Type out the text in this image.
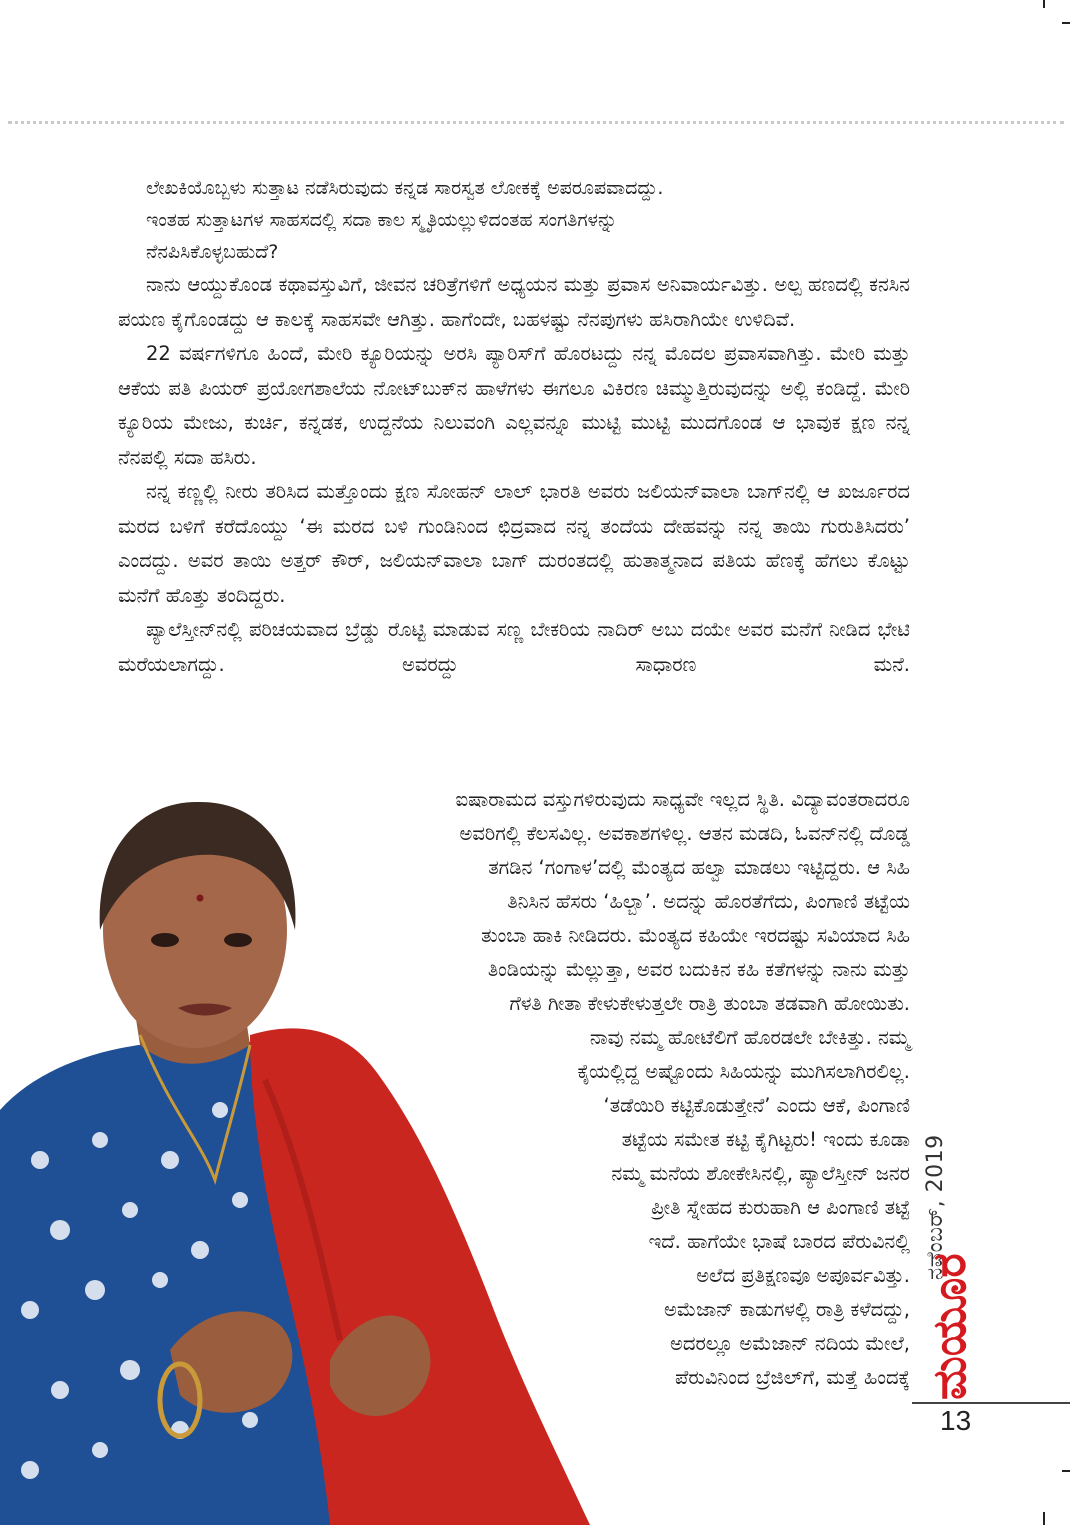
ಲೇಖಕಿಯೊಬ್ಬಳು ಸುತ್ತಾಟ ನಡೆಸಿರುವುದು ಕನ್ನಡ ಸಾರಸ್ವತ ಲೋಕಕ್ಕೆ ಅಪರೂಪವಾದದ್ದು.

ಇಂತಹ ಸುತ್ತಾಟಗಳ ಸಾಹಸದಲ್ಲಿ ಸದಾ ಕಾಲ ಸ್ಮೃತಿಯಲ್ಲುಳಿದಂತಹ ಸಂಗತಿಗಳನ್ನು

ನೆನಪಿಸಿಕೊಳ್ಳಬಹುದೆ?

ನಾನು ಆಯ್ದುಕೊಂಡ ಕಥಾವಸ್ತುವಿಗೆ, ಜೀವನ ಚರಿತ್ರೆಗಳಿಗೆ ಅಧ್ಯಯನ ಮತ್ತು ಪ್ರವಾಸ ಅನಿವಾರ್ಯವಿತ್ತು. ಅಲ್ಪ ಹಣದಲ್ಲಿ ಕನಸಿನ ಪಯಣ ಕೈಗೊಂಡದ್ದು ಆ ಕಾಲಕ್ಕೆ ಸಾಹಸವೇ ಆಗಿತ್ತು. ಹಾಗೆಂದೇ, ಬಹಳಷ್ಟು ನೆನಪುಗಳು ಹಸಿರಾಗಿಯೇ ಉಳಿದಿವೆ.

22 ವರ್ಷಗಳಿಗೂ ಹಿಂದೆ, ಮೇರಿ ಕ್ಯೂರಿಯನ್ನು ಅರಸಿ ಪ್ಯಾರಿಸ್‌ಗೆ ಹೊರಟದ್ದು ನನ್ನ ಮೊದಲ ಪ್ರವಾಸವಾಗಿತ್ತು. ಮೇರಿ ಮತ್ತು ಆಕೆಯ ಪತಿ ಪಿಯರ್ ಪ್ರಯೋಗಶಾಲೆಯ ನೋಟ್‌ಬುಕ್‌ನ ಹಾಳೆಗಳು ಈಗಲೂ ವಿಕಿರಣ ಚಿಮ್ಮುತ್ತಿರುವುದನ್ನು ಅಲ್ಲಿ ಕಂಡಿದ್ದೆ. ಮೇರಿ ಕ್ಯೂರಿಯ ಮೇಜು, ಕುರ್ಚಿ, ಕನ್ನಡಕ, ಉದ್ದನೆಯ ನಿಲುವಂಗಿ ಎಲ್ಲವನ್ನೂ ಮುಟ್ಟಿ ಮುಟ್ಟಿ ಮುದಗೊಂಡ ಆ ಭಾವುಕ ಕ್ಷಣ ನನ್ನ ನೆನಪಲ್ಲಿ ಸದಾ ಹಸಿರು.

ನನ್ನ ಕಣ್ಣಲ್ಲಿ ನೀರು ತರಿಸಿದ ಮತ್ತೊಂದು ಕ್ಷಣ ಸೋಹನ್ ಲಾಲ್ ಭಾರತಿ ಅವರು ಜಲಿಯನ್‌ವಾಲಾ ಬಾಗ್‌ನಲ್ಲಿ ಆ ಖರ್ಜೂರದ ಮರದ ಬಳಿಗೆ ಕರೆದೊಯ್ದು ‘ಈ ಮರದ ಬಳಿ ಗುಂಡಿನಿಂದ ಛಿದ್ರವಾದ ನನ್ನ ತಂದೆಯ ದೇಹವನ್ನು ನನ್ನ ತಾಯಿ ಗುರುತಿಸಿದರು’ ಎಂದದ್ದು. ಅವರ ತಾಯಿ ಅತ್ತರ್ ಕೌರ್, ಜಲಿಯನ್‌ವಾಲಾ ಬಾಗ್ ದುರಂತದಲ್ಲಿ ಹುತಾತ್ಮನಾದ ಪತಿಯ ಹೆಣಕ್ಕೆ ಹೆಗಲು ಕೊಟ್ಟು ಮನೆಗೆ ಹೊತ್ತು ತಂದಿದ್ದರು.

ಪ್ಯಾಲೆಸ್ತೀನ್‌ನಲ್ಲಿ ಪರಿಚಯವಾದ ಬ್ರೆಡ್ಡು ರೊಟ್ಟಿ ಮಾಡುವ ಸಣ್ಣ ಬೇಕರಿಯ ನಾದಿರ್ ಅಬು ದಯೇ ಅವರ ಮನೆಗೆ ನೀಡಿದ ಭೇಟಿ ಮರೆಯಲಾಗದ್ದು. ಅವರದ್ದು ಸಾಧಾರಣ ಮನೆ.

ಐಷಾರಾಮದ ವಸ್ತುಗಳಿರುವುದು ಸಾಧ್ಯವೇ ಇಲ್ಲದ ಸ್ಥಿತಿ. ವಿದ್ಯಾವಂತರಾದರೂ
ಅವರಿಗಲ್ಲಿ ಕೆಲಸವಿಲ್ಲ. ಅವಕಾಶಗಳಿಲ್ಲ. ಆತನ ಮಡದಿ, ಓವನ್‌ನಲ್ಲಿ ದೊಡ್ಡ
ತಗಡಿನ ‘ಗಂಗಾಳ’ದಲ್ಲಿ ಮೆಂತ್ಯದ ಹಲ್ವಾ ಮಾಡಲು ಇಟ್ಟಿದ್ದರು. ಆ ಸಿಹಿ
ತಿನಿಸಿನ ಹೆಸರು ‘ಹಿಲ್ಬಾ’. ಅದನ್ನು ಹೊರತೆಗೆದು, ಪಿಂಗಾಣಿ ತಟ್ಟೆಯ
ತುಂಬಾ ಹಾಕಿ ನೀಡಿದರು. ಮೆಂತ್ಯದ ಕಹಿಯೇ ಇರದಷ್ಟು ಸವಿಯಾದ ಸಿಹಿ
ತಿಂಡಿಯನ್ನು ಮೆಲ್ಲುತ್ತಾ, ಅವರ ಬದುಕಿನ ಕಹಿ ಕತೆಗಳನ್ನು ನಾನು ಮತ್ತು
ಗೆಳತಿ ಗೀತಾ ಕೇಳುಕೇಳುತ್ತಲೇ ರಾತ್ರಿ ತುಂಬಾ ತಡವಾಗಿ ಹೋಯಿತು.
ನಾವು ನಮ್ಮ ಹೋಟೆಲಿಗೆ ಹೊರಡಲೇ ಬೇಕಿತ್ತು. ನಮ್ಮ
ಕೈಯಲ್ಲಿದ್ದ ಅಷ್ಟೊಂದು ಸಿಹಿಯನ್ನು ಮುಗಿಸಲಾಗಿರಲಿಲ್ಲ.
‘ತಡೆಯಿರಿ ಕಟ್ಟಿಕೊಡುತ್ತೇನೆ’ ಎಂದು ಆಕೆ, ಪಿಂಗಾಣಿ
ತಟ್ಟೆಯ ಸಮೇತ ಕಟ್ಟಿ ಕೈಗಿಟ್ಟರು! ಇಂದು ಕೂಡಾ
ನಮ್ಮ ಮನೆಯ ಶೋಕೇಸಿನಲ್ಲಿ, ಪ್ಯಾಲೆಸ್ತೀನ್ ಜನರ
ಪ್ರೀತಿ ಸ್ನೇಹದ ಕುರುಹಾಗಿ ಆ ಪಿಂಗಾಣಿ ತಟ್ಟೆ
ಇದೆ. ಹಾಗೆಯೇ ಭಾಷೆ ಬಾರದ ಪೆರುವಿನಲ್ಲಿ
ಅಲೆದ ಪ್ರತಿಕ್ಷಣವೂ ಅಪೂರ್ವವಿತ್ತು.
ಅಮೆಜಾನ್ ಕಾಡುಗಳಲ್ಲಿ ರಾತ್ರಿ ಕಳೆದದ್ದು,
ಅದರಲ್ಲೂ ಅಮೆಜಾನ್ ನದಿಯ ಮೇಲೆ,
ಪೆರುವಿನಿಂದ ಬ್ರೆಜಿಲ್‌ಗೆ, ಮತ್ತೆ ಹಿಂದಕ್ಕೆ
ನವೆಂಬರ್, 2019
ಮಯೂರ
13
